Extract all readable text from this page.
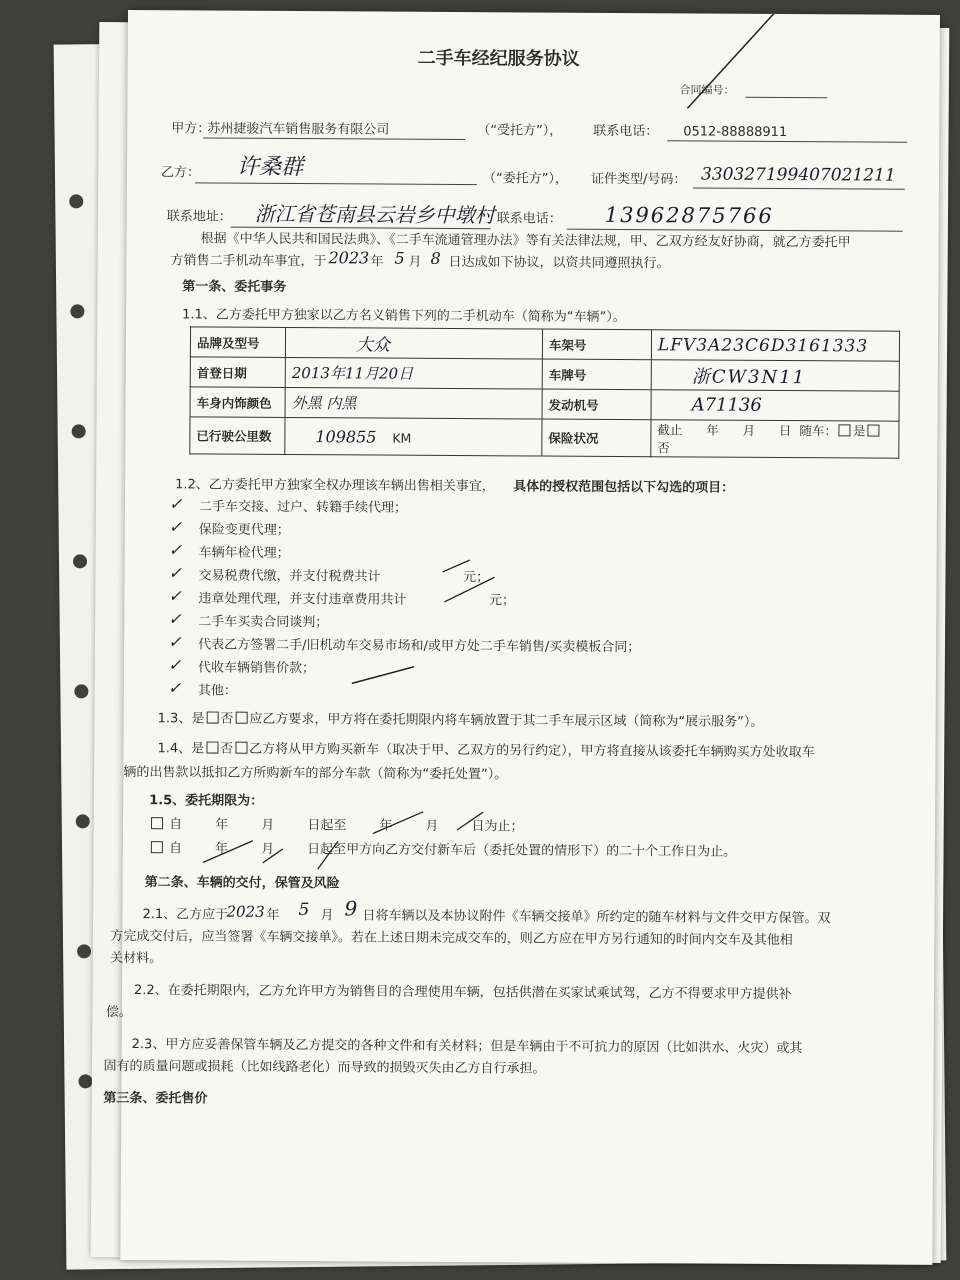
二手车经纪服务协议
合同编号：
甲方：
苏州捷骏汽车销售服务有限公司	（“受托方”）， 联系电话： 0512-88888911
乙方： 许桑群	（“委托方”）， 证件类型/号码： 330327199407021211
联系地址： 浙江省苍南县云岩乡中墩村 联系电话： 13962875766
根据《中华人民共和国民法典》、《二手车流通管理办法》等有关法律法规，甲、乙双方经友好协商，就乙方委托甲
方销售二手机动车事宜，于 2023 年 5 月 8 日达成如下协议，以资共同遵照执行。
第一条、委托事务
1.1、乙方委托甲方独家以乙方名义销售下列的二手机动车（简称为“车辆”）。
品牌及型号	大众	车架号	LFV3A23C6D3161333
首登日期	2013年11月20日	车牌号	浙CW3N11
车身内饰颜色	外黑 内黑	发动机号	A71136
已行驶公里数	109855 KM	保险状况	截止      年      月      日  随车： 是否
1.2、乙方委托甲方独家全权办理该车辆出售相关事宜， 具体的授权范围包括以下勾选的项目：
✓ 二手车交接、过户、转籍手续代理；
✓ 保险变更代理；
✓ 车辆年检代理；
✓ 交易税费代缴，并支付税费共计                    元；
✓ 违章处理代理，并支付违章费用共计                    元；
✓ 二手车买卖合同谈判；
✓ 代表乙方签署二手/旧机动车交易市场和/或甲方处二手车销售/买卖模板合同；
✓ 代收车辆销售价款；
✓ 其他：
1.3、是 否 应乙方要求，甲方将在委托期限内将车辆放置于其二手车展示区域（简称为“展示服务”）。
1.4、是 否 乙方将从甲方购买新车（取决于甲、乙双方的另行约定），甲方将直接从该委托车辆购买方处收取车
辆的出售款以抵扣乙方所购新车的部分车款（简称为“委托处置”）。
1.5、委托期限为：
自        年        月        日起至        年        月        日为止；
自        年        月        日起至甲方向乙方交付新车后（委托处置的情形下）的二十个工作日为止。
第二条、车辆的交付，保管及风险
2.1、乙方应于
2023 年 5 月 9 日将车辆以及本协议附件《车辆交接单》所约定的随车材料与文件交甲方保管。双
方完成交付后，应当签署《车辆交接单》。若在上述日期未完成交车的，则乙方应在甲方另行通知的时间内交车及其他相
关材料。
2.2、在委托期限内，乙方允许甲方为销售目的合理使用车辆，包括供潜在买家试乘试驾，乙方不得要求甲方提供补
偿。
2.3、甲方应妥善保管车辆及乙方提交的各种文件和有关材料；但是车辆由于不可抗力的原因（比如洪水、火灾）或其
固有的质量问题或损耗（比如线路老化）而导致的损毁灭失由乙方自行承担。
第三条、委托售价
